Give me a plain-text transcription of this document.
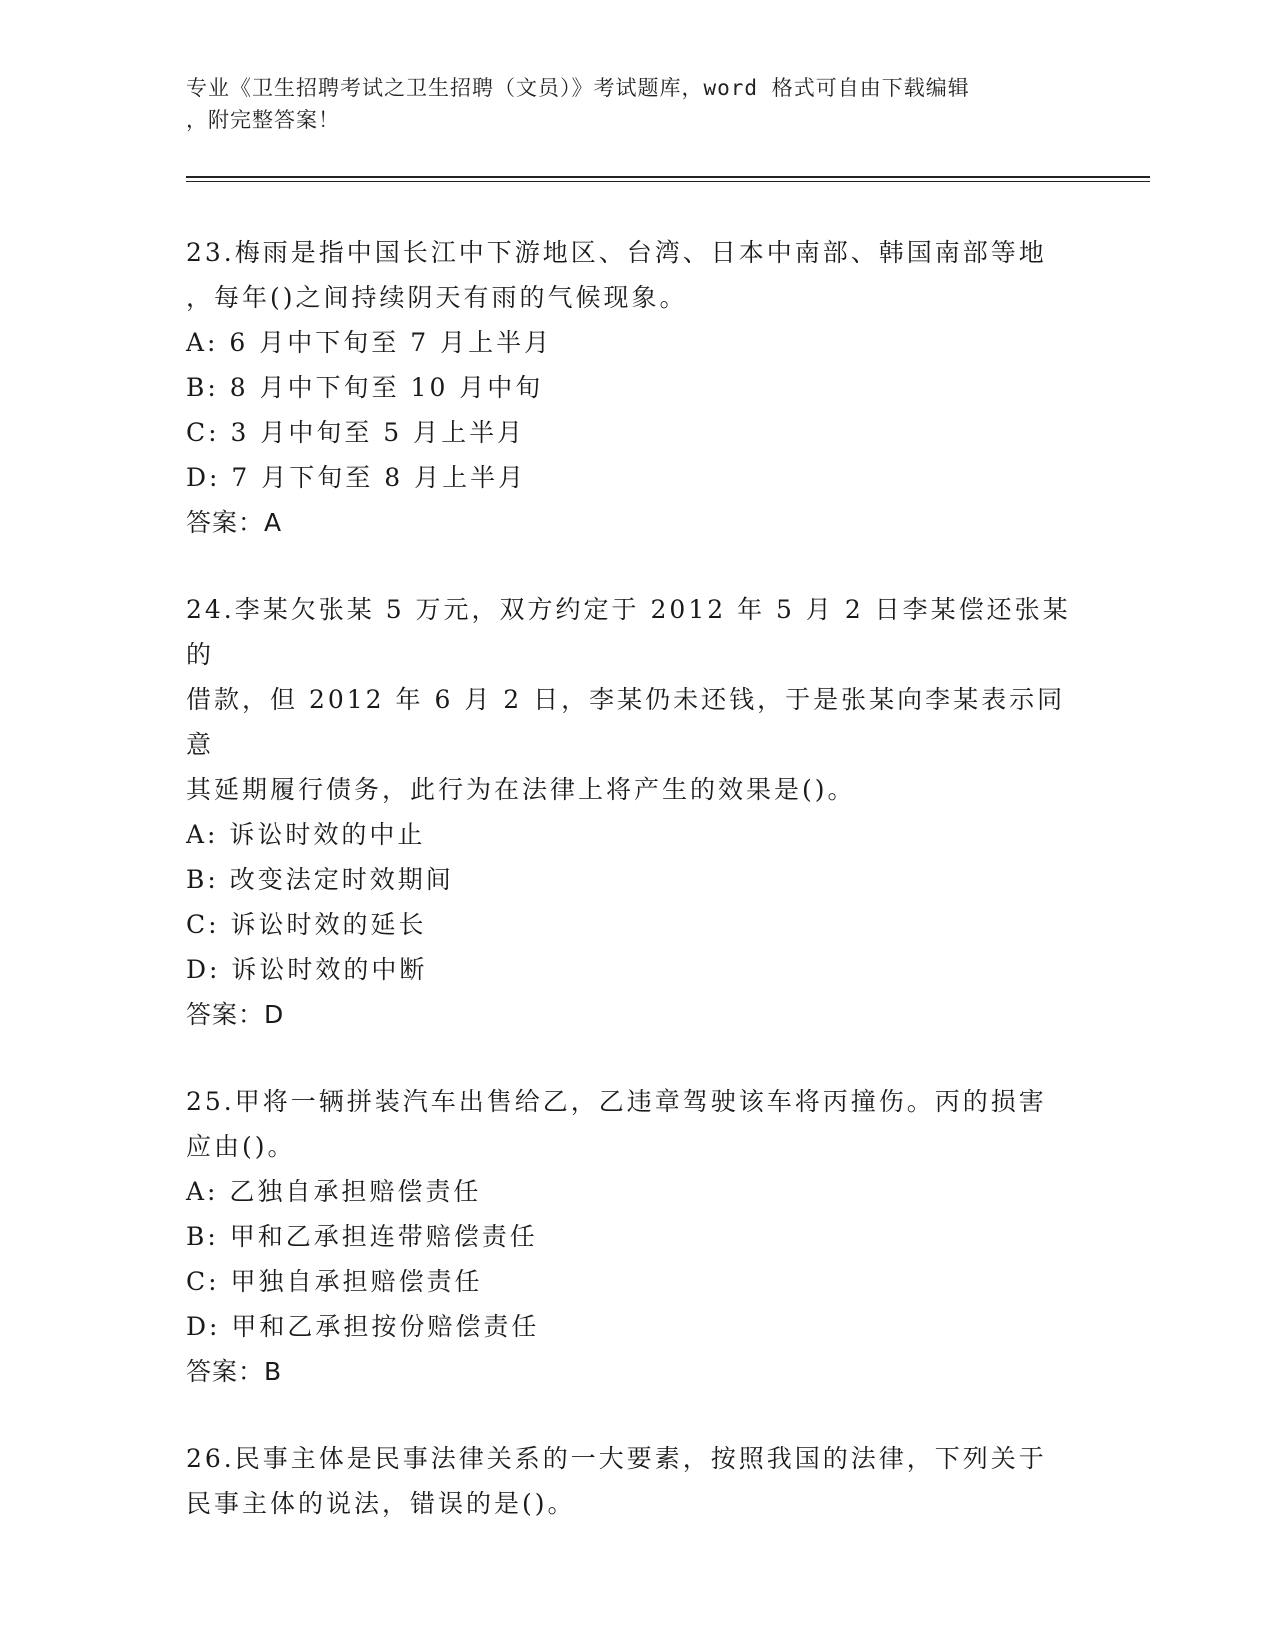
专业《卫生招聘考试之卫生招聘（文员）》考试题库，word 格式可自由下载编辑
，附完整答案！
23.梅雨是指中国长江中下游地区、台湾、日本中南部、韩国南部等地
，每年()之间持续阴天有雨的气候现象。
A: 6 月中下旬至 7 月上半月
B: 8 月中下旬至 10 月中旬
C: 3 月中旬至 5 月上半月
D: 7 月下旬至 8 月上半月
答案：A
24.李某欠张某 5 万元，双方约定于 2012 年 5 月 2 日李某偿还张某的
借款，但 2012 年 6 月 2 日，李某仍未还钱，于是张某向李某表示同意
其延期履行债务，此行为在法律上将产生的效果是()。
A: 诉讼时效的中止
B: 改变法定时效期间
C: 诉讼时效的延长
D: 诉讼时效的中断
答案：D
25.甲将一辆拼装汽车出售给乙，乙违章驾驶该车将丙撞伤。丙的损害
应由()。
A: 乙独自承担赔偿责任
B: 甲和乙承担连带赔偿责任
C: 甲独自承担赔偿责任
D: 甲和乙承担按份赔偿责任
答案：B
26.民事主体是民事法律关系的一大要素，按照我国的法律，下列关于
民事主体的说法，错误的是()。
